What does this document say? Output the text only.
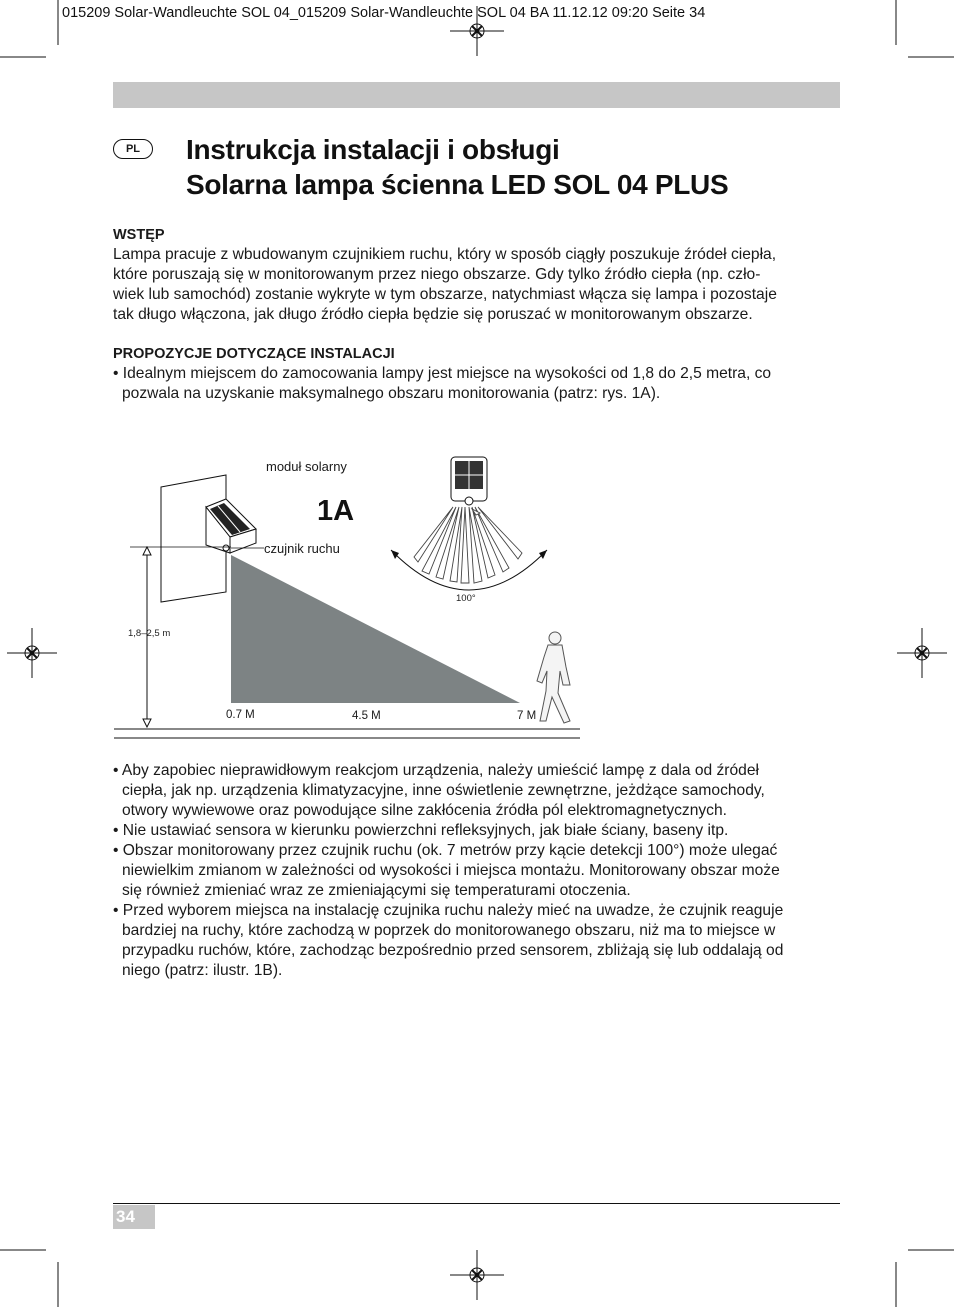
015209 Solar-Wandleuchte SOL 04_015209 Solar-Wandleuchte SOL 04 BA 11.12.12 09:20 Seite 34
PL	Instrukcja instalacji i obsługi
Solarna lampa ścienna LED SOL 04 PLUS
WSTĘP
Lampa pracuje z wbudowanym czujnikiem ruchu, który w sposób ciągły poszukuje źródeł ciepła,
które poruszają się w monitorowanym przez niego obszarze. Gdy tylko źródło ciepła (np. czło-
wiek lub samochód) zostanie wykryte w tym obszarze, natychmiast włącza się lampa i pozostaje
tak długo włączona, jak długo źródło ciepła będzie się poruszać w monitorowanym obszarze.
PROPOZYCJE DOTYCZĄCE INSTALACJI
• Idealnym miejscem do zamocowania lampy jest miejsce na wysokości od 1,8 do 2,5 metra, co
pozwala na uzyskanie maksymalnego obszaru monitorowania (patrz: rys. 1A).
1,8–2,5 m
moduł solarny
czujnik ruchu
1A
0.7 M	4.5 M	7 M
100°
• Aby zapobiec nieprawidłowym reakcjom urządzenia, należy umieścić lampę z dala od źródeł
ciepła, jak np. urządzenia klimatyzacyjne, inne oświetlenie zewnętrzne, jeżdżące samochody,
otwory wywiewowe oraz powodujące silne zakłócenia źródła pól elektromagnetycznych.
• Nie ustawiać sensora w kierunku powierzchni refleksyjnych, jak białe ściany, baseny itp.
• Obszar monitorowany przez czujnik ruchu (ok. 7 metrów przy kącie detekcji 100°) może ulegać
niewielkim zmianom w zależności od wysokości i miejsca montażu. Monitorowany obszar może
się również zmieniać wraz ze zmieniającymi się temperaturami otoczenia.
• Przed wyborem miejsca na instalację czujnika ruchu należy mieć na uwadze, że czujnik reaguje
bardziej na ruchy, które zachodzą w poprzek do monitorowanego obszaru, niż ma to miejsce w
przypadku ruchów, które, zachodząc bezpośrednio przed sensorem, zbliżają się lub oddalają od
niego (patrz: ilustr. 1B).
34
